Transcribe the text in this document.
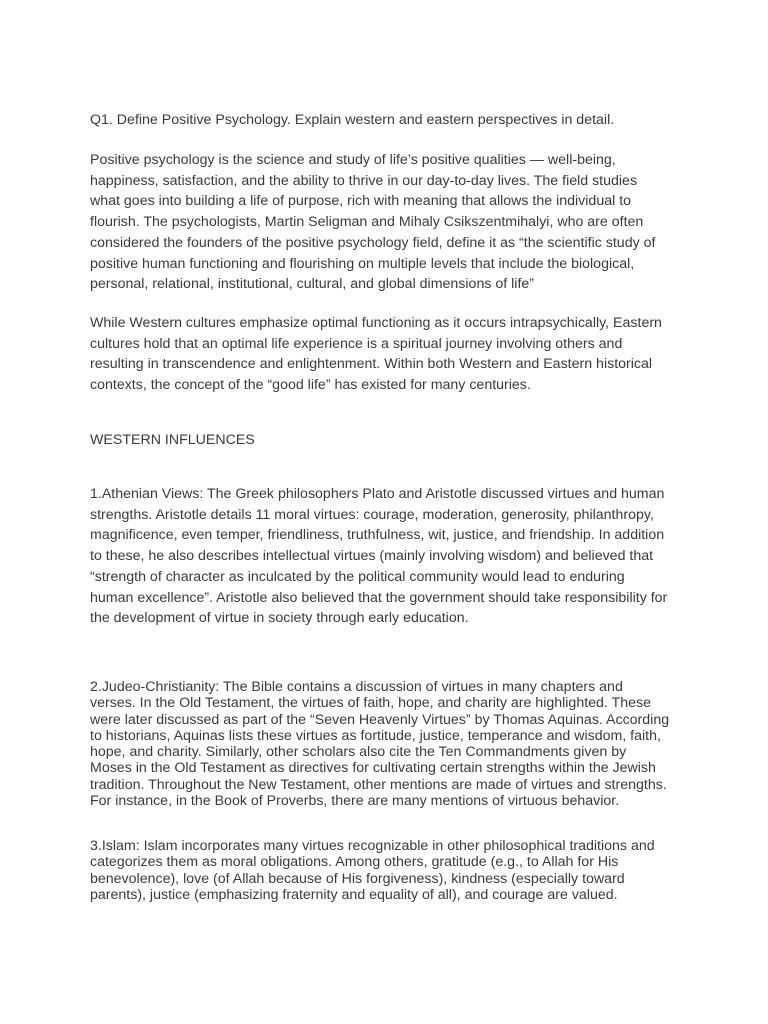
Q1. Define Positive Psychology. Explain western and eastern perspectives in detail.

Positive psychology is the science and study of life’s positive qualities — well-being, happiness, satisfaction, and the ability to thrive in our day-to-day lives. The field studies what goes into building a life of purpose, rich with meaning that allows the individual to flourish. The psychologists, Martin Seligman and Mihaly Csikszentmihalyi, who are often considered the founders of the positive psychology field, define it as “the scientific study of positive human functioning and flourishing on multiple levels that include the biological, personal, relational, institutional, cultural, and global dimensions of life”

While Western cultures emphasize optimal functioning as it occurs intrapsychically, Eastern cultures hold that an optimal life experience is a spiritual journey involving others and resulting in transcendence and enlightenment. Within both Western and Eastern historical contexts, the concept of the “good life” has existed for many centuries.

WESTERN INFLUENCES

1.Athenian Views: The Greek philosophers Plato and Aristotle discussed virtues and human strengths. Aristotle details 11 moral virtues: courage, moderation, generosity, philanthropy, magnificence, even temper, friendliness, truthfulness, wit, justice, and friendship. In addition to these, he also describes intellectual virtues (mainly involving wisdom) and believed that “strength of character as inculcated by the political community would lead to enduring human excellence”. Aristotle also believed that the government should take responsibility for the development of virtue in society through early education.

2.Judeo-Christianity: The Bible contains a discussion of virtues in many chapters and verses. In the Old Testament, the virtues of faith, hope, and charity are highlighted. These were later discussed as part of the “Seven Heavenly Virtues” by Thomas Aquinas. According to historians, Aquinas lists these virtues as fortitude, justice, temperance and wisdom, faith, hope, and charity. Similarly, other scholars also cite the Ten Commandments given by Moses in the Old Testament as directives for cultivating certain strengths within the Jewish tradition. Throughout the New Testament, other mentions are made of virtues and strengths. For instance, in the Book of Proverbs, there are many mentions of virtuous behavior.

3.Islam: Islam incorporates many virtues recognizable in other philosophical traditions and categorizes them as moral obligations. Among others, gratitude (e.g., to Allah for His benevolence), love (of Allah because of His forgiveness), kindness (especially toward parents), justice (emphasizing fraternity and equality of all), and courage are valued.
